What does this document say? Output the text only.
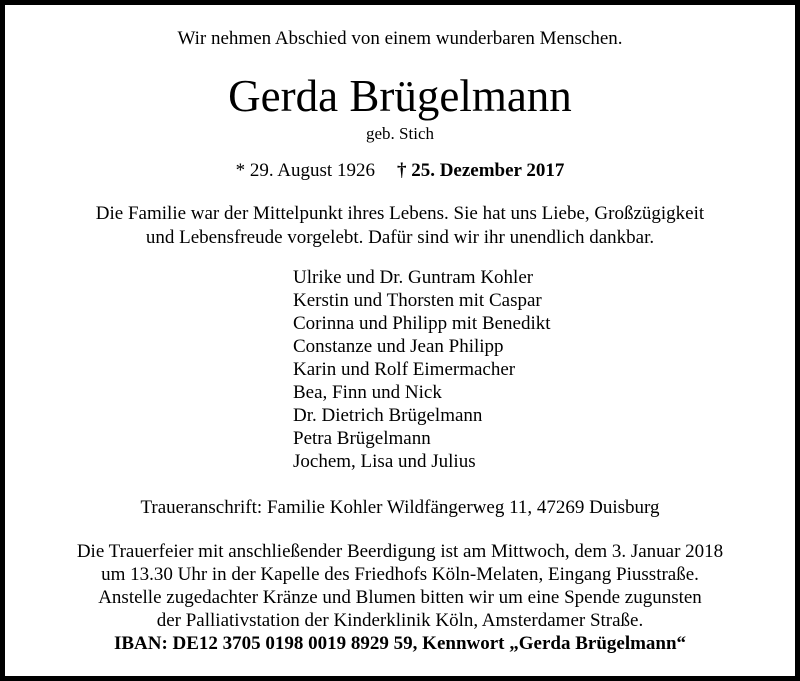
Wir nehmen Abschied von einem wunderbaren Menschen.
Gerda Brügelmann
geb. Stich
* 29. August 1926 † 25. Dezember 2017
Die Familie war der Mittelpunkt ihres Lebens. Sie hat uns Liebe, Großzügigkeit
und Lebensfreude vorgelebt. Dafür sind wir ihr unendlich dankbar.
Ulrike und Dr. Guntram Kohler
Kerstin und Thorsten mit Caspar
Corinna und Philipp mit Benedikt
Constanze und Jean Philipp
Karin und Rolf Eimermacher
Bea, Finn und Nick
Dr. Dietrich Brügelmann
Petra Brügelmann
Jochem, Lisa und Julius
Traueranschrift: Familie Kohler Wildfängerweg 11, 47269 Duisburg
Die Trauerfeier mit anschließender Beerdigung ist am Mittwoch, dem 3. Januar 2018
um 13.30 Uhr in der Kapelle des Friedhofs Köln-Melaten, Eingang Piusstraße.
Anstelle zugedachter Kränze und Blumen bitten wir um eine Spende zugunsten
der Palliativstation der Kinderklinik Köln, Amsterdamer Straße.
IBAN: DE12 3705 0198 0019 8929 59, Kennwort „Gerda Brügelmann“
